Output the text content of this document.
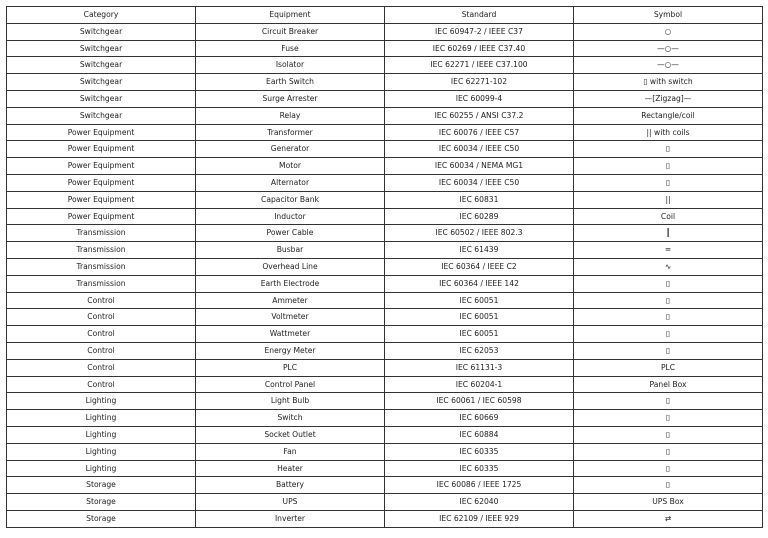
Category	Equipment	Standard	Symbol
Switchgear	Circuit Breaker	IEC 60947-2 / IEEE C37	○
Switchgear	Fuse	IEC 60269 / IEEE C37.40	—○—
Switchgear	Isolator	IEC 62271 / IEEE C37.100	—○—
Switchgear	Earth Switch	IEC 62271-102	▯ with switch
Switchgear	Surge Arrester	IEC 60099-4	—[Zigzag]—
Switchgear	Relay	IEC 60255 / ANSI C37.2	Rectangle/coil
Power Equipment	Transformer	IEC 60076 / IEEE C57	|| with coils
Power Equipment	Generator	IEC 60034 / IEEE C50	▯
Power Equipment	Motor	IEC 60034 / NEMA MG1	▯
Power Equipment	Alternator	IEC 60034 / IEEE C50	▯
Power Equipment	Capacitor Bank	IEC 60831	||
Power Equipment	Inductor	IEC 60289	Coil
Transmission	Power Cable	IEC 60502 / IEEE 802.3	┃
Transmission	Busbar	IEC 61439	═
Transmission	Overhead Line	IEC 60364 / IEEE C2	∿
Transmission	Earth Electrode	IEC 60364 / IEEE 142	▯
Control	Ammeter	IEC 60051	▯
Control	Voltmeter	IEC 60051	▯
Control	Wattmeter	IEC 60051	▯
Control	Energy Meter	IEC 62053	▯
Control	PLC	IEC 61131-3	PLC
Control	Control Panel	IEC 60204-1	Panel Box
Lighting	Light Bulb	IEC 60061 / IEC 60598	▯
Lighting	Switch	IEC 60669	▯
Lighting	Socket Outlet	IEC 60884	▯
Lighting	Fan	IEC 60335	▯
Lighting	Heater	IEC 60335	▯
Storage	Battery	IEC 60086 / IEEE 1725	▯
Storage	UPS	IEC 62040	UPS Box
Storage	Inverter	IEC 62109 / IEEE 929	⇄
